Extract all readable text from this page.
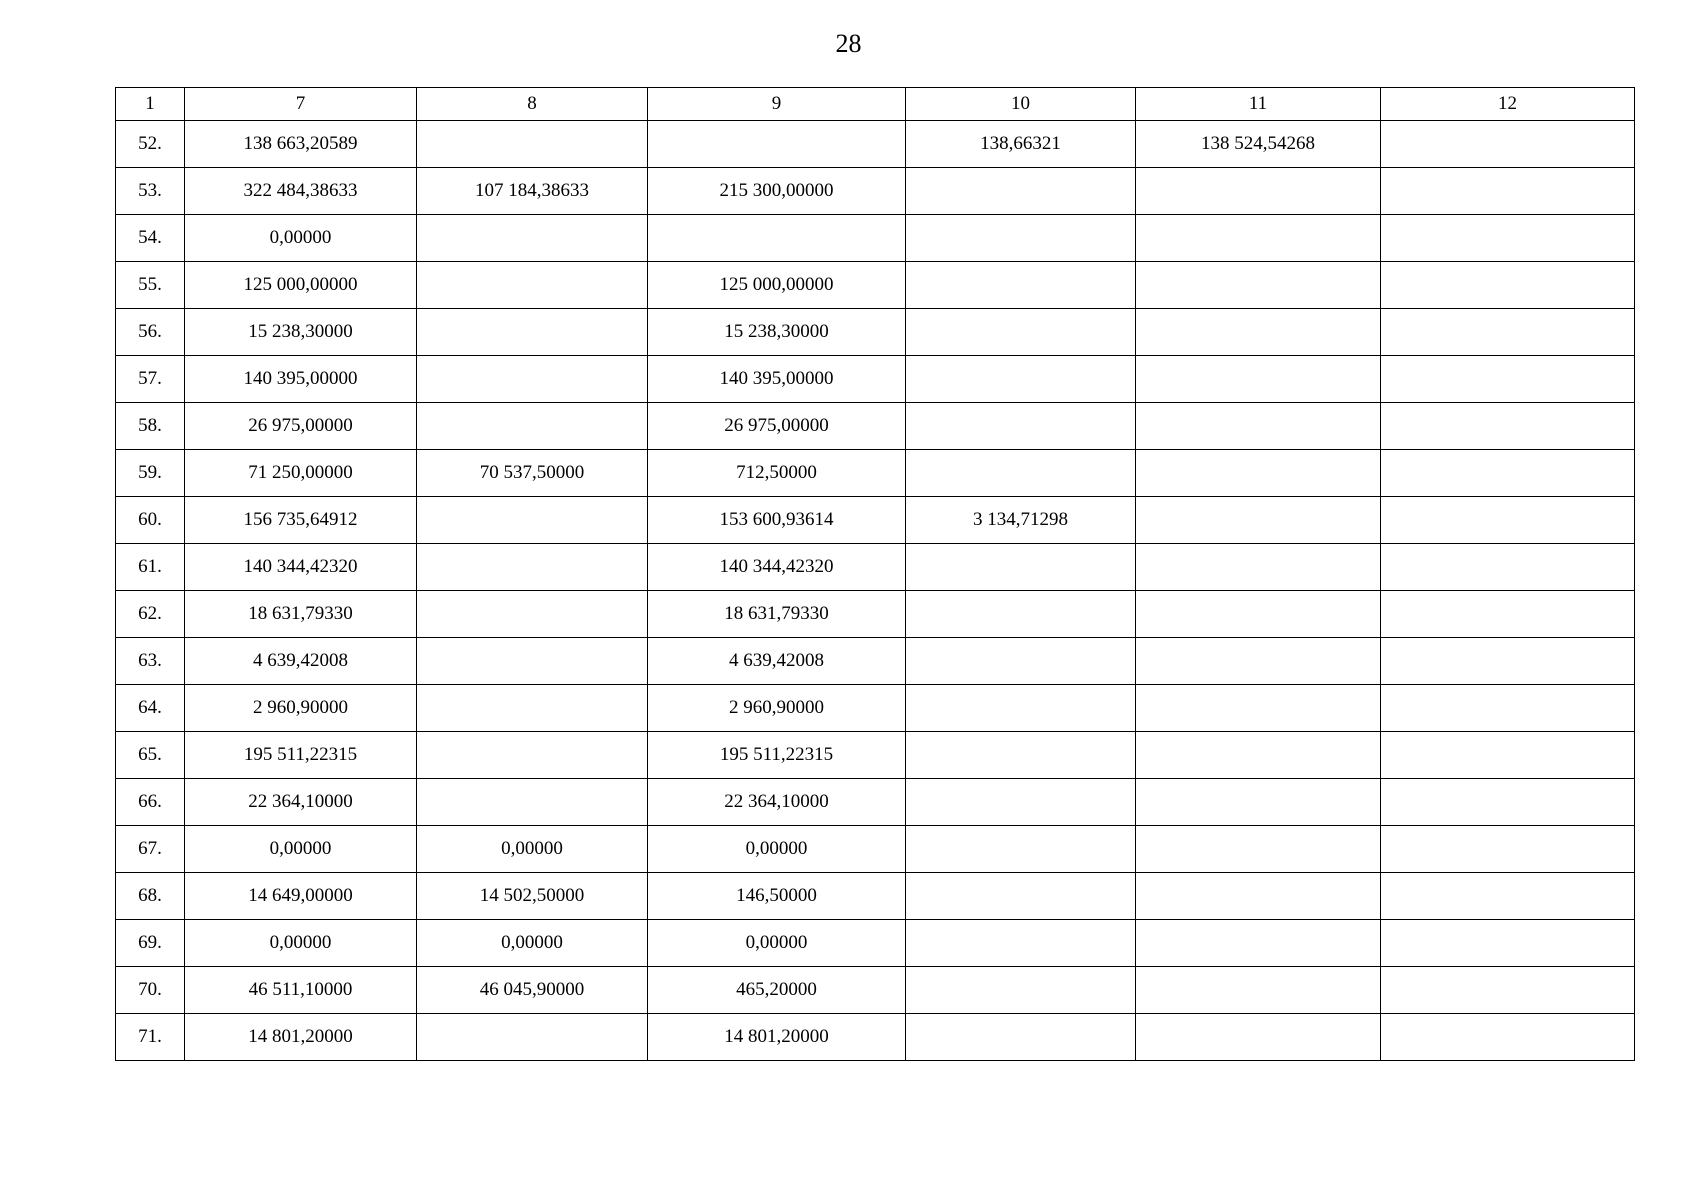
28
1	7	8	9	10	11	12
52.	138 663,20589			138,66321	138 524,54268	
53.	322 484,38633	107 184,38633	215 300,00000			
54.	0,00000					
55.	125 000,00000		125 000,00000			
56.	15 238,30000		15 238,30000			
57.	140 395,00000		140 395,00000			
58.	26 975,00000		26 975,00000			
59.	71 250,00000	70 537,50000	712,50000			
60.	156 735,64912		153 600,93614	3 134,71298		
61.	140 344,42320		140 344,42320			
62.	18 631,79330		18 631,79330			
63.	4 639,42008		4 639,42008			
64.	2 960,90000		2 960,90000			
65.	195 511,22315		195 511,22315			
66.	22 364,10000		22 364,10000			
67.	0,00000	0,00000	0,00000			
68.	14 649,00000	14 502,50000	146,50000			
69.	0,00000	0,00000	0,00000			
70.	46 511,10000	46 045,90000	465,20000			
71.	14 801,20000		14 801,20000			
